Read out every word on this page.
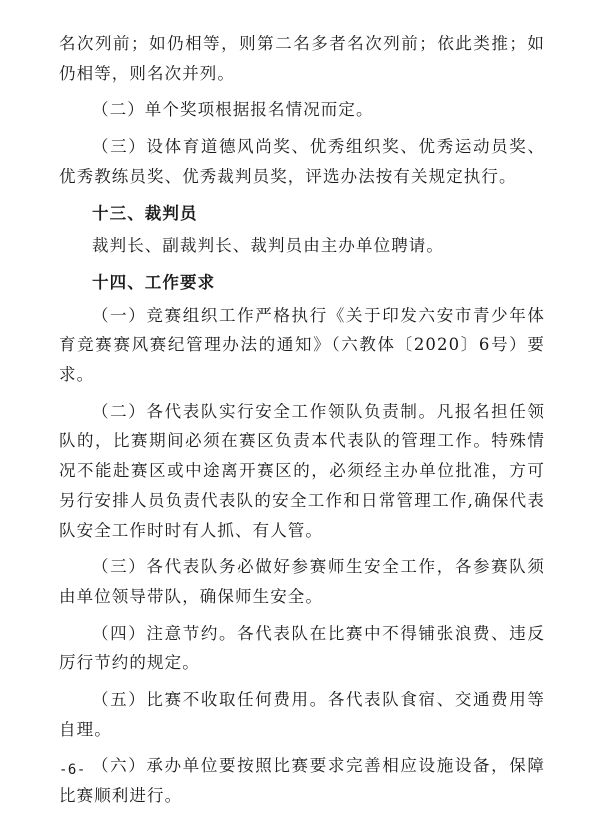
名次列前；如仍相等，则第二名多者名次列前；依此类推；如仍相等，则名次并列。

（二）单个奖项根据报名情况而定。

（三）设体育道德风尚奖、优秀组织奖、优秀运动员奖、优秀教练员奖、优秀裁判员奖，评选办法按有关规定执行。

十三、裁判员

裁判长、副裁判长、裁判员由主办单位聘请。

十四、工作要求

（一）竞赛组织工作严格执行《关于印发六安市青少年体育竞赛赛风赛纪管理办法的通知》（六教体〔2020〕6号）要求。

（二）各代表队实行安全工作领队负责制。凡报名担任领队的，比赛期间必须在赛区负责本代表队的管理工作。特殊情况不能赴赛区或中途离开赛区的，必须经主办单位批准，方可另行安排人员负责代表队的安全工作和日常管理工作,确保代表队安全工作时时有人抓、有人管。

（三）各代表队务必做好参赛师生安全工作，各参赛队须由单位领导带队，确保师生安全。

（四）注意节约。各代表队在比赛中不得铺张浪费、违反厉行节约的规定。

（五）比赛不收取任何费用。各代表队食宿、交通费用等自理。

（六）承办单位要按照比赛要求完善相应设施设备，保障比赛顺利进行。

-6-
